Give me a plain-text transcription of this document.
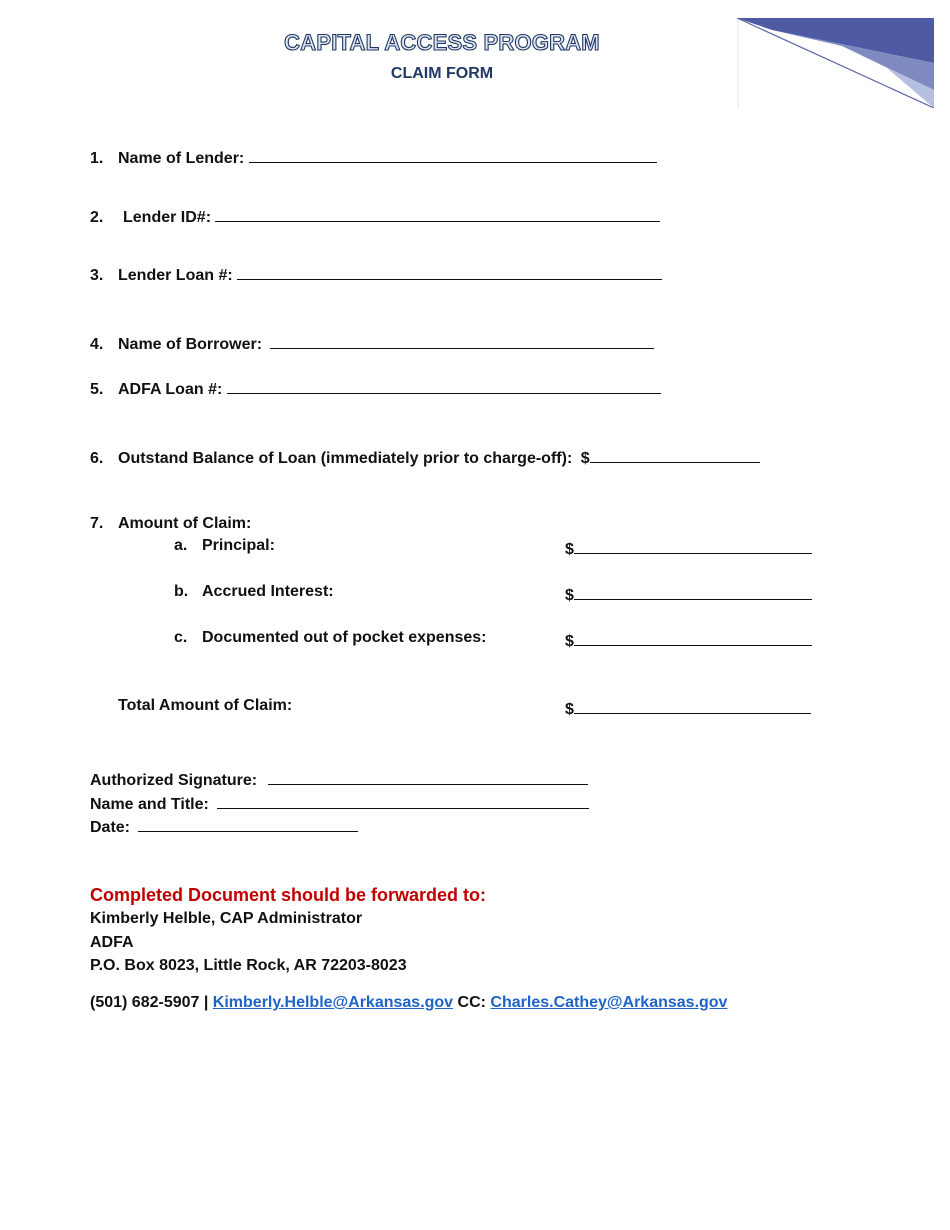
CAPITAL ACCESS PROGRAM
CLAIM FORM
1. Name of Lender:
2. Lender ID#:
3. Lender Loan #:
4. Name of Borrower:
5. ADFA Loan #:
6. Outstand Balance of Loan (immediately prior to charge-off): $
7. Amount of Claim:
a. Principal:	$
b. Accrued Interest:	$
c. Documented out of pocket expenses:	$
Total Amount of Claim:	$
Authorized Signature:
Name and Title:
Date:
Completed Document should be forwarded to:
Kimberly Helble, CAP Administrator
ADFA
P.O. Box 8023, Little Rock, AR 72203-8023
(501) 682-5907 | Kimberly.Helble@Arkansas.gov CC: Charles.Cathey@Arkansas.gov
